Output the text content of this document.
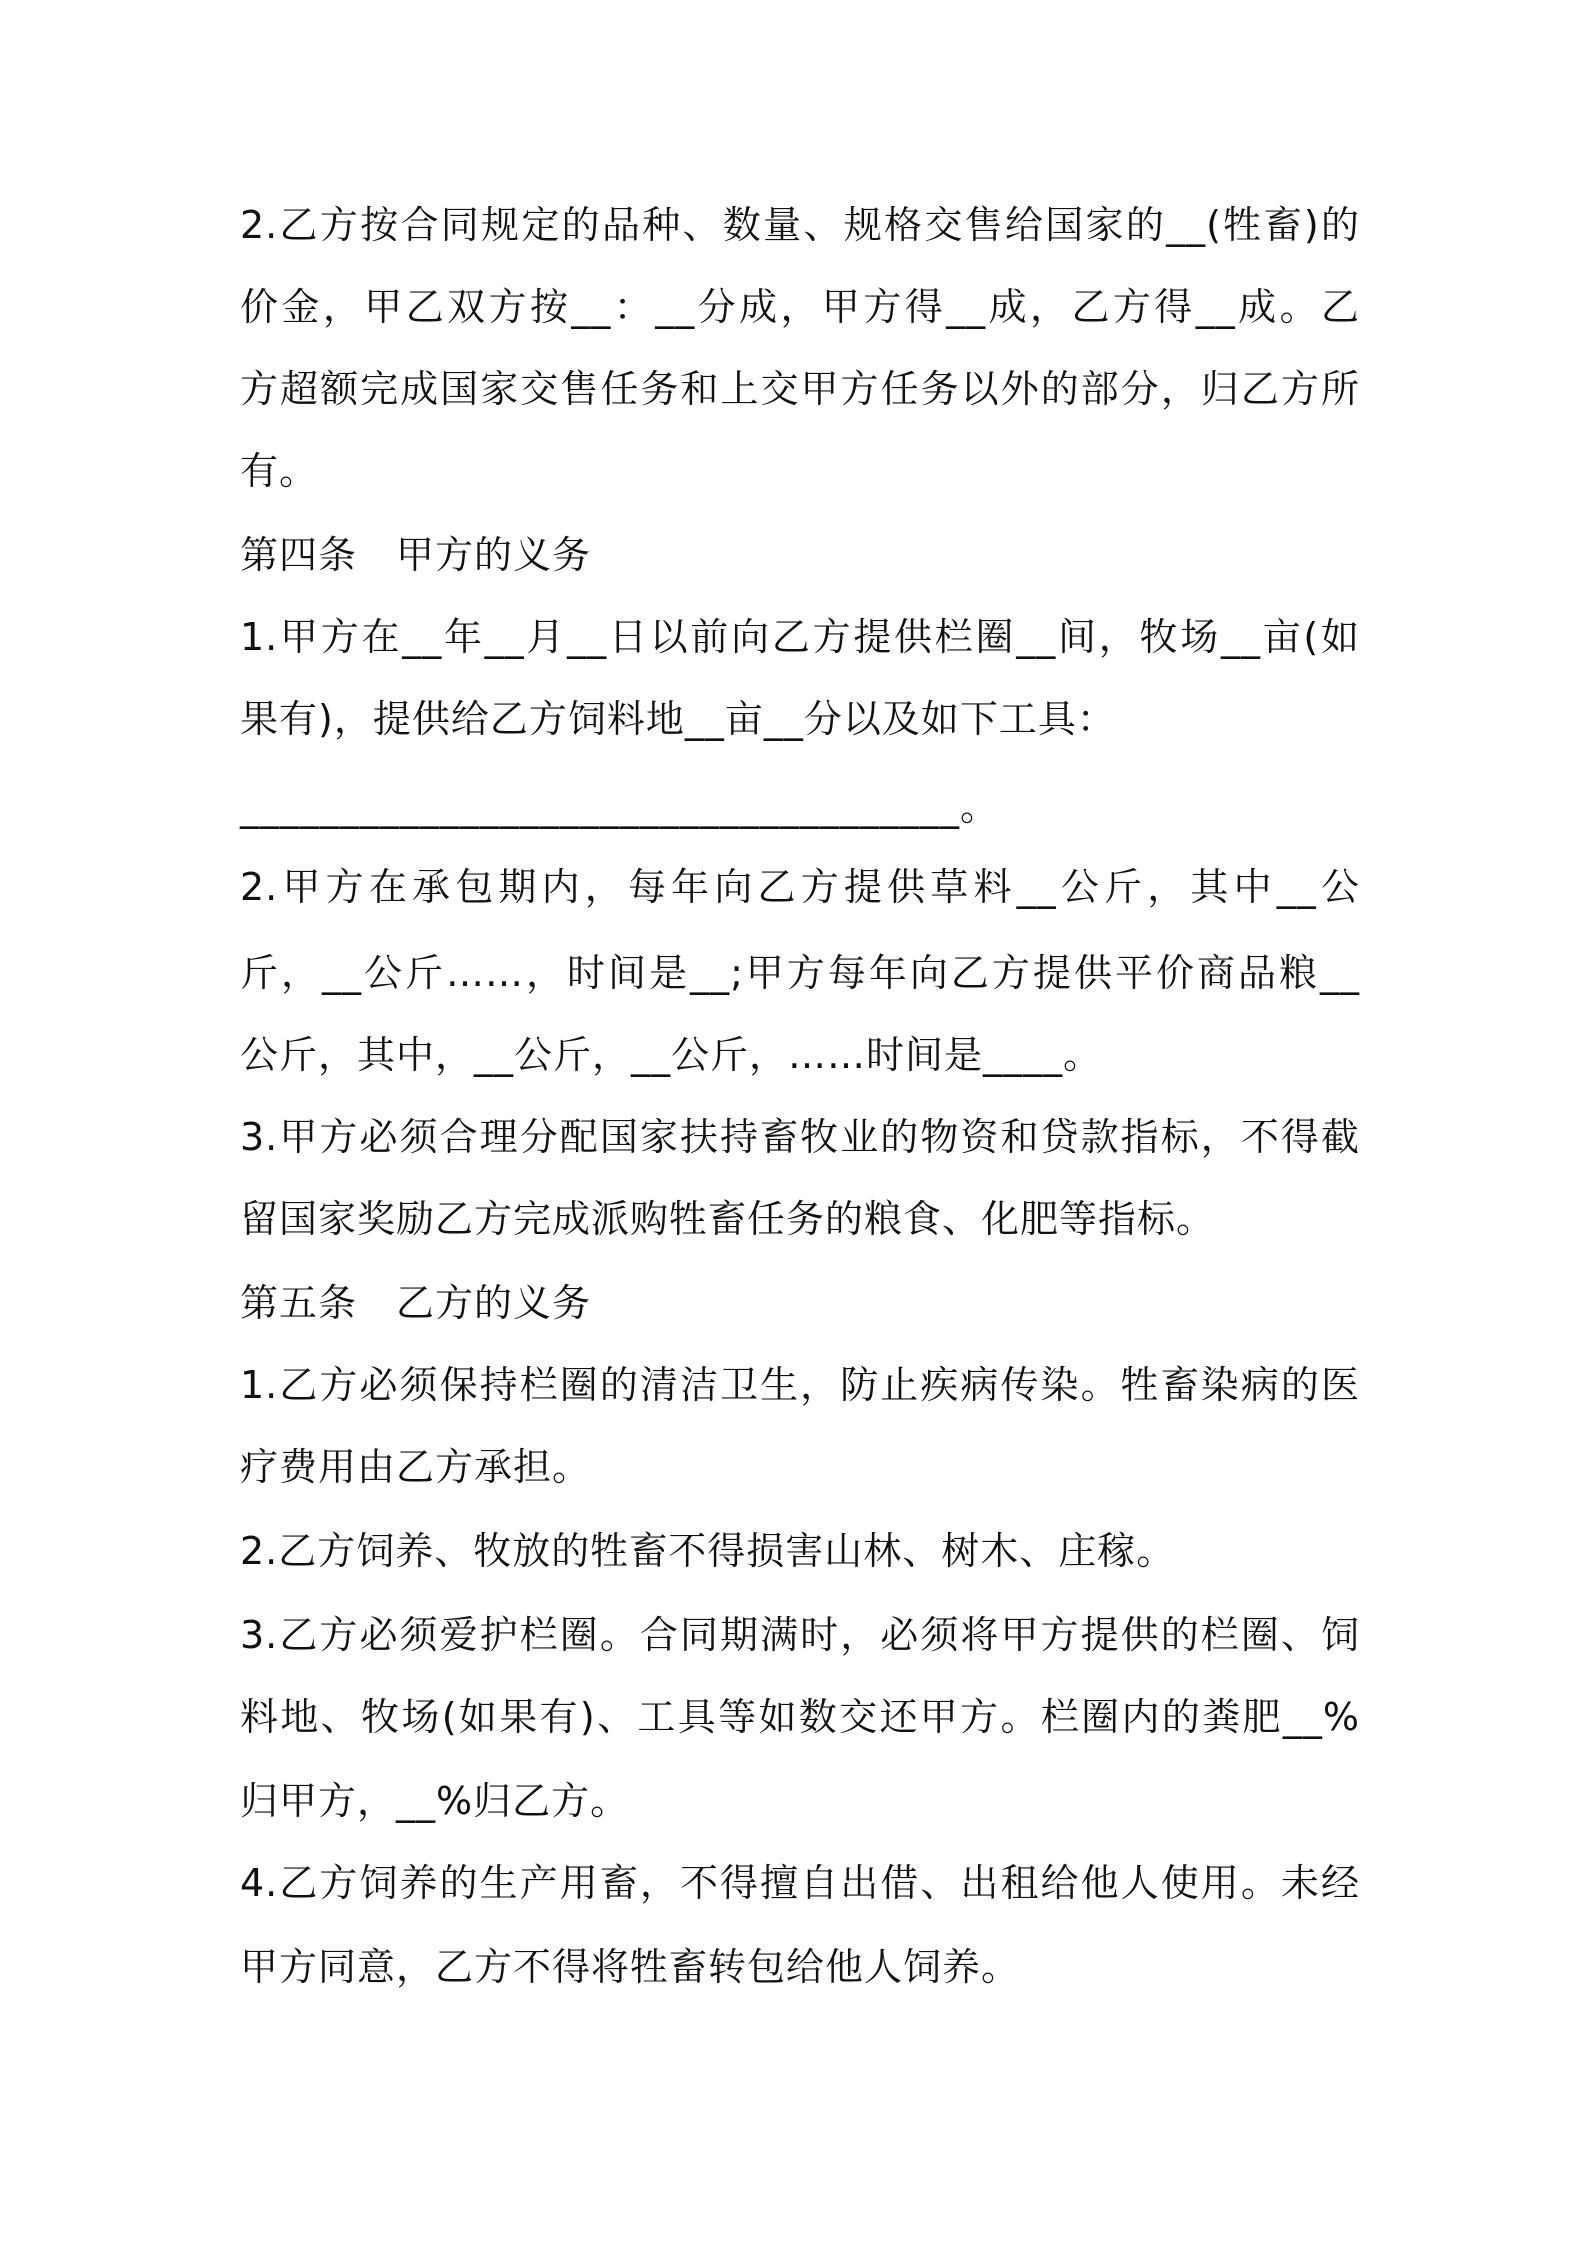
2.乙方按合同规定的品种、数量、规格交售给国家的__(牲畜)的
价金，甲乙双方按__：__分成，甲方得__成，乙方得__成。乙
方超额完成国家交售任务和上交甲方任务以外的部分，归乙方所
有。
第四条　甲方的义务
1.甲方在__年__月__日以前向乙方提供栏圈__间，牧场__亩(如
果有)，提供给乙方饲料地__亩__分以及如下工具：
____________________________________。
2.甲方在承包期内，每年向乙方提供草料__公斤，其中__公
斤，__公斤……，时间是__;甲方每年向乙方提供平价商品粮__
公斤，其中，__公斤，__公斤，……时间是____。
3.甲方必须合理分配国家扶持畜牧业的物资和贷款指标，不得截
留国家奖励乙方完成派购牲畜任务的粮食、化肥等指标。
第五条　乙方的义务
1.乙方必须保持栏圈的清洁卫生，防止疾病传染。牲畜染病的医
疗费用由乙方承担。
2.乙方饲养、牧放的牲畜不得损害山林、树木、庄稼。
3.乙方必须爱护栏圈。合同期满时，必须将甲方提供的栏圈、饲
料地、牧场(如果有)、工具等如数交还甲方。栏圈内的粪肥__%
归甲方，__%归乙方。
4.乙方饲养的生产用畜，不得擅自出借、出租给他人使用。未经
甲方同意，乙方不得将牲畜转包给他人饲养。
